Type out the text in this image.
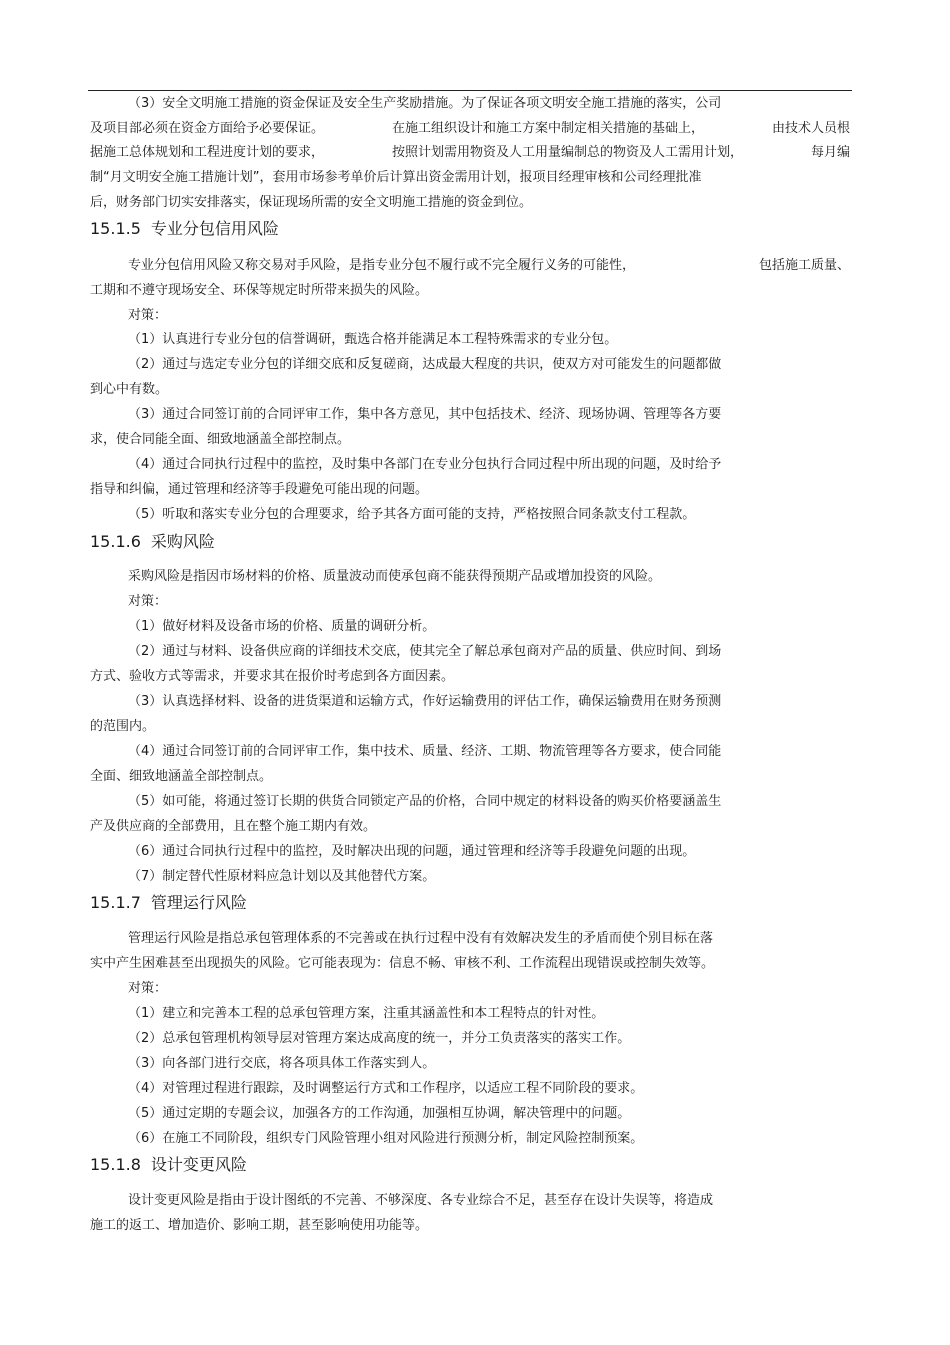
（3）安全文明施工措施的资金保证及安全生产奖励措施。为了保证各项文明安全施工措施的落实，公司
及项目部必须在资金方面给予必要保证。	在施工组织设计和施工方案中制定相关措施的基础上，	由技术人员根
据施工总体规划和工程进度计划的要求，	按照计划需用物资及人工用量编制总的物资及人工需用计划，	每月编
制“月文明安全施工措施计划”，套用市场参考单价后计算出资金需用计划，报项目经理审核和公司经理批准
后，财务部门切实安排落实，保证现场所需的安全文明施工措施的资金到位。
15.1.5 专业分包信用风险
专业分包信用风险又称交易对手风险，是指专业分包不履行或不完全履行义务的可能性，	包括施工质量、
工期和不遵守现场安全、环保等规定时所带来损失的风险。
对策：
（1）认真进行专业分包的信誉调研，甄选合格并能满足本工程特殊需求的专业分包。
（2）通过与选定专业分包的详细交底和反复磋商，达成最大程度的共识，使双方对可能发生的问题都做
到心中有数。
（3）通过合同签订前的合同评审工作，集中各方意见，其中包括技术、经济、现场协调、管理等各方要
求，使合同能全面、细致地涵盖全部控制点。
（4）通过合同执行过程中的监控，及时集中各部门在专业分包执行合同过程中所出现的问题，及时给予
指导和纠偏，通过管理和经济等手段避免可能出现的问题。
（5）听取和落实专业分包的合理要求，给予其各方面可能的支持，严格按照合同条款支付工程款。
15.1.6 采购风险
采购风险是指因市场材料的价格、质量波动而使承包商不能获得预期产品或增加投资的风险。
对策：
（1）做好材料及设备市场的价格、质量的调研分析。
（2）通过与材料、设备供应商的详细技术交底，使其完全了解总承包商对产品的质量、供应时间、到场
方式、验收方式等需求，并要求其在报价时考虑到各方面因素。
（3）认真选择材料、设备的进货渠道和运输方式，作好运输费用的评估工作，确保运输费用在财务预测
的范围内。
（4）通过合同签订前的合同评审工作，集中技术、质量、经济、工期、物流管理等各方要求，使合同能
全面、细致地涵盖全部控制点。
（5）如可能，将通过签订长期的供货合同锁定产品的价格，合同中规定的材料设备的购买价格要涵盖生
产及供应商的全部费用，且在整个施工期内有效。
（6）通过合同执行过程中的监控，及时解决出现的问题，通过管理和经济等手段避免问题的出现。
（7）制定替代性原材料应急计划以及其他替代方案。
15.1.7 管理运行风险
管理运行风险是指总承包管理体系的不完善或在执行过程中没有有效解决发生的矛盾而使个别目标在落
实中产生困难甚至出现损失的风险。它可能表现为：信息不畅、审核不利、工作流程出现错误或控制失效等。
对策：
（1）建立和完善本工程的总承包管理方案，注重其涵盖性和本工程特点的针对性。
（2）总承包管理机构领导层对管理方案达成高度的统一，并分工负责落实的落实工作。
（3）向各部门进行交底，将各项具体工作落实到人。
（4）对管理过程进行跟踪，及时调整运行方式和工作程序，以适应工程不同阶段的要求。
（5）通过定期的专题会议，加强各方的工作沟通，加强相互协调，解决管理中的问题。
（6）在施工不同阶段，组织专门风险管理小组对风险进行预测分析，制定风险控制预案。
15.1.8 设计变更风险
设计变更风险是指由于设计图纸的不完善、不够深度、各专业综合不足，甚至存在设计失误等，将造成
施工的返工、增加造价、影响工期，甚至影响使用功能等。
